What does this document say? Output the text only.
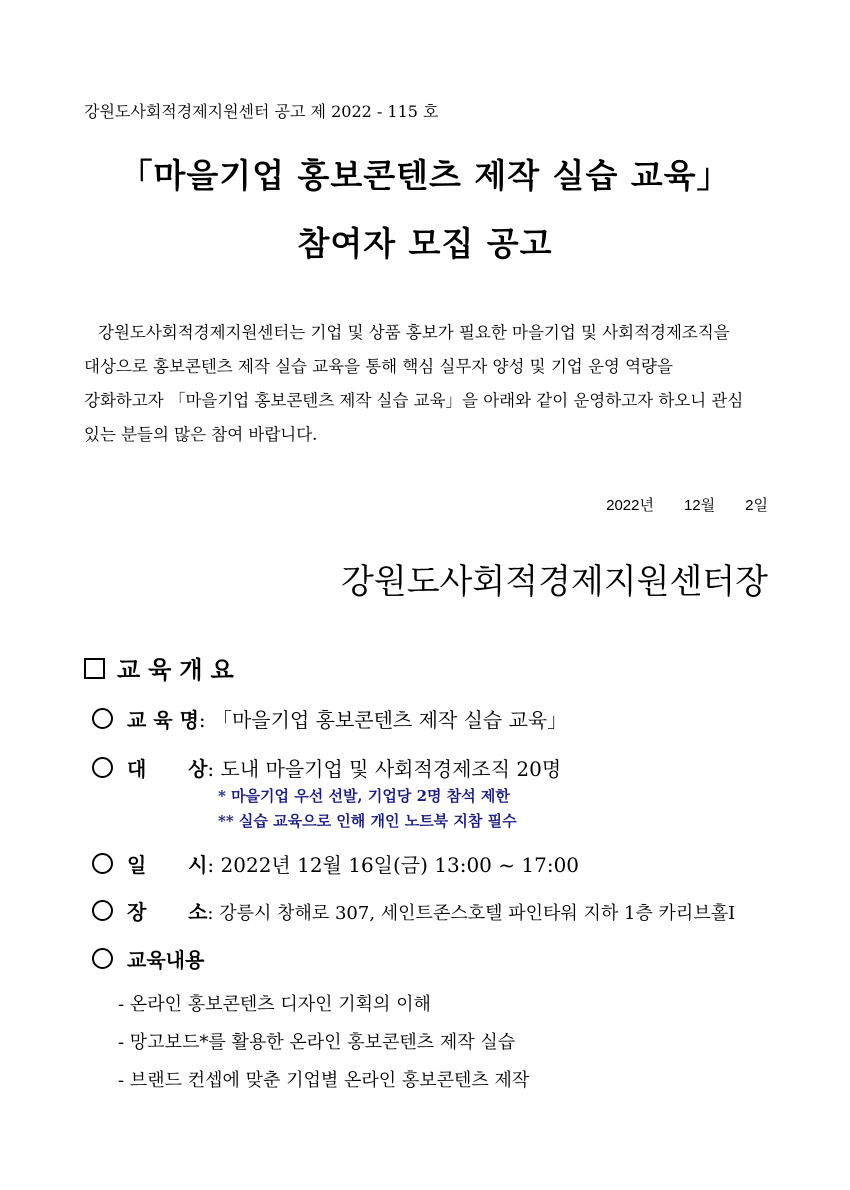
강원도사회적경제지원센터 공고 제 2022 - 115 호
「마을기업 홍보콘텐츠 제작 실습 교육」
참여자 모집 공고

강원도사회적경제지원센터는 기업 및 상품 홍보가 필요한 마을기업 및 사회적경제조직을

대상으로 홍보콘텐츠 제작 실습 교육을 통해 핵심 실무자 양성 및 기업 운영 역량을

강화하고자 「마을기업 홍보콘텐츠 제작 실습 교육」을 아래와 같이 운영하고자 하오니 관심

있는 분들의 많은 참여 바랍니다.

2022년 12월 2일
강원도사회적경제지원센터장
교육개요
교 육 명: 「마을기업 홍보콘텐츠 제작 실습 교육」
대      상: 도내 마을기업 및 사회적경제조직 20명
* 마을기업 우선 선발, 기업당 2명 참석 제한
** 실습 교육으로 인해 개인 노트북 지참 필수
일      시: 2022년 12월 16일(금) 13:00 ~ 17:00
장      소: 강릉시 창해로 307, 세인트존스호텔 파인타워 지하 1층 카리브홀Ⅰ
교육내용
- 온라인 홍보콘텐츠 디자인 기획의 이해
- 망고보드*를 활용한 온라인 홍보콘텐츠 제작 실습
- 브랜드 컨셉에 맞춘 기업별 온라인 홍보콘텐츠 제작
